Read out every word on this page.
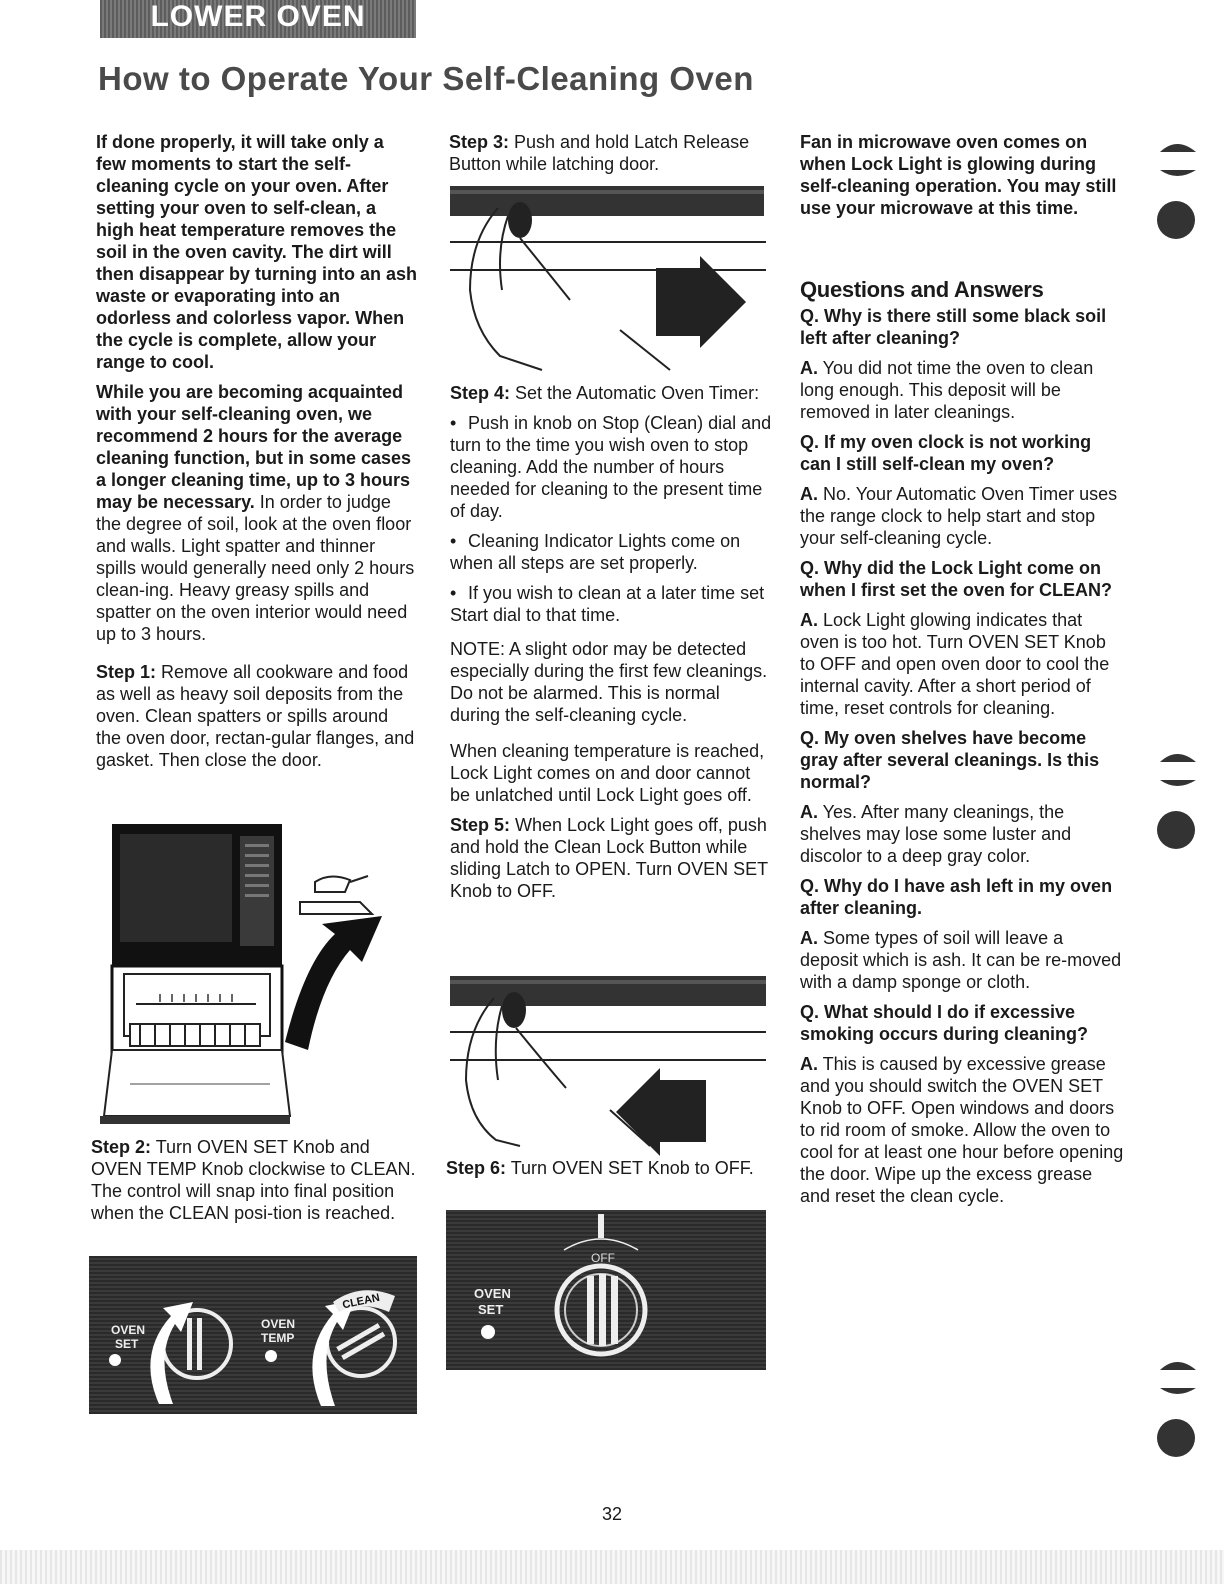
LOWER OVEN
How to Operate Your Self-Cleaning Oven

If done properly, it will take only a few moments to start the self-cleaning cycle on your oven. After setting your oven to self-clean, a high heat temperature removes the soil in the oven cavity. The dirt will then disappear by turning into an ash waste or evaporating into an odorless and colorless vapor. When the cycle is complete, allow your range to cool.

While you are becoming acquainted with your self-cleaning oven, we recommend 2 hours for the average cleaning function, but in some cases a longer cleaning time, up to 3 hours may be necessary. In order to judge the degree of soil, look at the oven floor and walls. Light spatter and thinner spills would generally need only 2 hours clean-ing. Heavy greasy spills and spatter on the oven interior would need up to 3 hours.

Step 1: Remove all cookware and food as well as heavy soil deposits from the oven. Clean spatters or spills around the oven door, rectan-gular flanges, and gasket. Then close the door.

Step 2: Turn OVEN SET Knob and OVEN TEMP Knob clockwise to CLEAN. The control will snap into final position when the CLEAN posi-tion is reached.

OVEN
SET
OVEN
TEMP
CLEAN

Step 3: Push and hold Latch Release Button while latching door.

Step 4: Set the Automatic Oven Timer:

• Push in knob on Stop (Clean) dial and turn to the time you wish oven to stop cleaning. Add the number of hours needed for cleaning to the present time of day.

• Cleaning Indicator Lights come on when all steps are set properly.

• If you wish to clean at a later time set Start dial to that time.

NOTE: A slight odor may be detected especially during the first few cleanings. Do not be alarmed. This is normal during the self-cleaning cycle.

When cleaning temperature is reached, Lock Light comes on and door cannot be unlatched until Lock Light goes off.

Step 5: When Lock Light goes off, push and hold the Clean Lock Button while sliding Latch to OPEN. Turn OVEN SET Knob to OFF.

Step 6: Turn OVEN SET Knob to OFF.

OFF
OVEN
SET

Fan in microwave oven comes on when Lock Light is glowing during self-cleaning operation. You may still use your microwave at this time.

Questions and Answers

Q. Why is there still some black soil left after cleaning?

A. You did not time the oven to clean long enough. This deposit will be removed in later cleanings.

Q. If my oven clock is not working can I still self-clean my oven?

A. No. Your Automatic Oven Timer uses the range clock to help start and stop your self-cleaning cycle.

Q. Why did the Lock Light come on when I first set the oven for CLEAN?

A. Lock Light glowing indicates that oven is too hot. Turn OVEN SET Knob to OFF and open oven door to cool the internal cavity. After a short period of time, reset controls for cleaning.

Q. My oven shelves have become gray after several cleanings. Is this normal?

A. Yes. After many cleanings, the shelves may lose some luster and discolor to a deep gray color.

Q. Why do I have ash left in my oven after cleaning.

A. Some types of soil will leave a deposit which is ash. It can be re-moved with a damp sponge or cloth.

Q. What should I do if excessive smoking occurs during cleaning?

A. This is caused by excessive grease and you should switch the OVEN SET Knob to OFF. Open windows and doors to rid room of smoke. Allow the oven to cool for at least one hour before opening the door. Wipe up the excess grease and reset the clean cycle.

32
